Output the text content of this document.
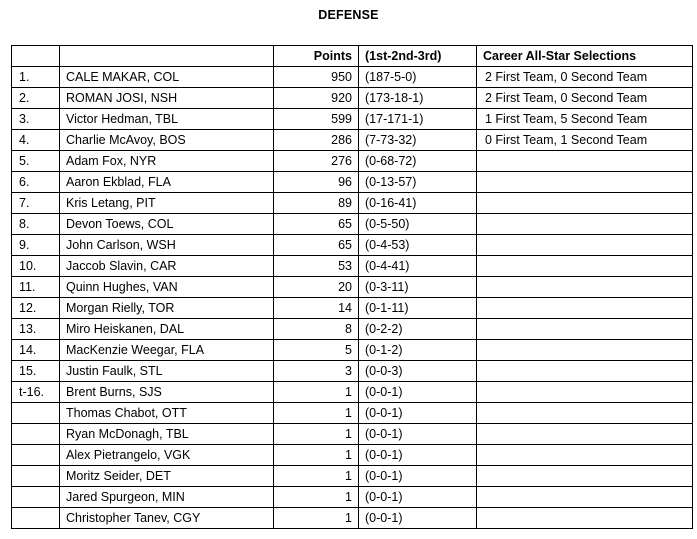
DEFENSE
		Points	(1st-2nd-3rd)	Career All-Star Selections
1.	CALE MAKAR, COL	950	(187-5-0)	2 First Team, 0 Second Team
2.	ROMAN JOSI, NSH	920	(173-18-1)	2 First Team, 0 Second Team
3.	Victor Hedman, TBL	599	(17-171-1)	1 First Team, 5 Second Team
4.	Charlie McAvoy, BOS	286	(7-73-32)	0 First Team, 1 Second Team
5.	Adam Fox, NYR	276	(0-68-72)	
6.	Aaron Ekblad, FLA	96	(0-13-57)	
7.	Kris Letang, PIT	89	(0-16-41)	
8.	Devon Toews, COL	65	(0-5-50)	
9.	John Carlson, WSH	65	(0-4-53)	
10.	Jaccob Slavin, CAR	53	(0-4-41)	
11.	Quinn Hughes, VAN	20	(0-3-11)	
12.	Morgan Rielly, TOR	14	(0-1-11)	
13.	Miro Heiskanen, DAL	8	(0-2-2)	
14.	MacKenzie Weegar, FLA	5	(0-1-2)	
15.	Justin Faulk, STL	3	(0-0-3)	
t-16.	Brent Burns, SJS	1	(0-0-1)	
	Thomas Chabot, OTT	1	(0-0-1)	
	Ryan McDonagh, TBL	1	(0-0-1)	
	Alex Pietrangelo, VGK	1	(0-0-1)	
	Moritz Seider, DET	1	(0-0-1)	
	Jared Spurgeon, MIN	1	(0-0-1)	
	Christopher Tanev, CGY	1	(0-0-1)	
